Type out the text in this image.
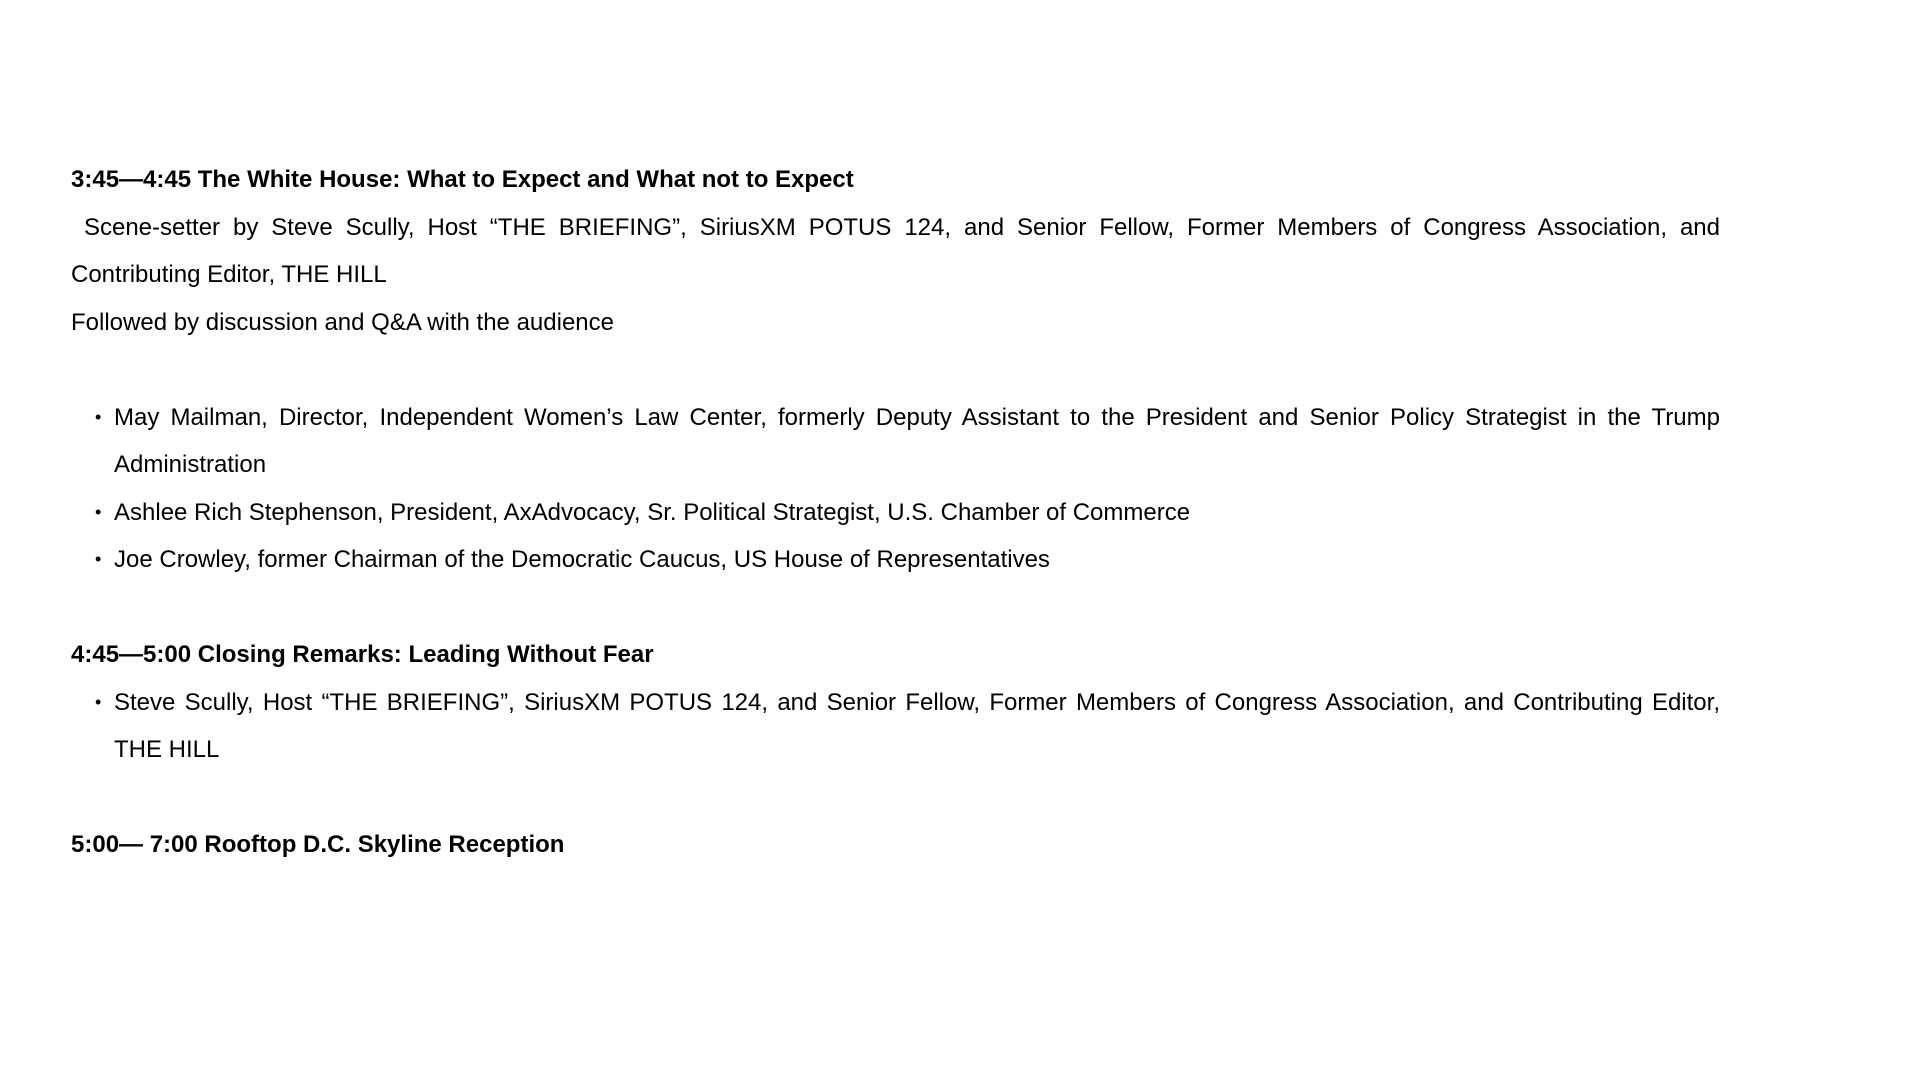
3:45—4:45 The White House: What to Expect and What not to Expect

Scene-setter by Steve Scully, Host “THE BRIEFING”, SiriusXM POTUS 124, and Senior Fellow, Former Members of Congress Association, and Contributing Editor, THE HILL

Followed by discussion and Q&A with the audience

• May Mailman, Director, Independent Women’s Law Center, formerly Deputy Assistant to the President and Senior Policy Strategist in the Trump Administration
• Ashlee Rich Stephenson, President, AxAdvocacy, Sr. Political Strategist, U.S. Chamber of Commerce
• Joe Crowley, former Chairman of the Democratic Caucus, US House of Representatives

4:45—5:00 Closing Remarks: Leading Without Fear

• Steve Scully, Host “THE BRIEFING”, SiriusXM POTUS 124, and Senior Fellow, Former Members of Congress Association, and Contributing Editor, THE HILL

5:00— 7:00 Rooftop D.C. Skyline Reception
